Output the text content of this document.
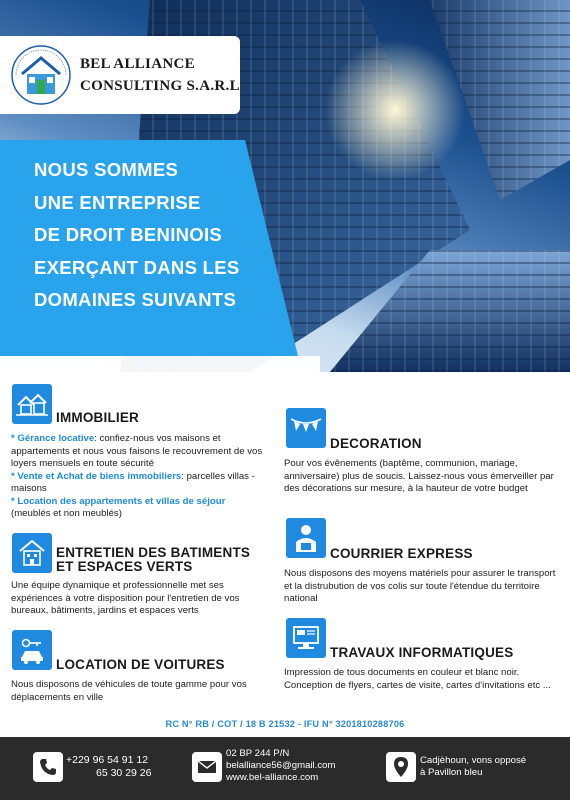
BEL ALLIANCE
CONSULTING S.A.R.L
NOUS SOMMES
UNE ENTREPRISE
DE DROIT BENINOIS
EXERÇANT DANS LES
DOMAINES SUIVANTS
IMMOBILIER
* Gérance locative: confiez-nous vos maisons et appartements et nous vous faisons le recouvrement de vos loyers mensuels en toute sécurité
* Vente et Achat de biens immobiliers: parcelles villas - maisons
* Location des appartements et villas de séjour
(meublés et non meublés)
ENTRETIEN DES BATIMENTS
ET ESPACES VERTS
Une équipe dynamique et professionnelle met ses expériences à votre disposition pour l'entretien de vos bureaux, bâtiments, jardins et espaces verts
LOCATION DE VOITURES
Nous disposons de véhicules de toute gamme pour vos déplacements en ville
DECORATION
Pour vos évênements (baptême, communion, mariage, anniversaire) plus de soucis. Laissez-nous vous émerveiller par des décorations sur mesure, à la hauteur de votre budget
COURRIER EXPRESS
Nous disposons des moyens matériels pour assurer le transport et la distrubution de vos colis sur toute l'étendue du territoire national
TRAVAUX INFORMATIQUES
Impression de tous documents en couleur et blanc noir. Conception de flyers, cartes de visite, cartes d'invitations etc ...
RC N° RB / COT / 18 B 21532 - IFU N° 3201810288706
+229 96 54 91 12
65 30 29 26
02 BP 244 P/N
belalliance56@gmail.com
www.bel-alliance.com
Cadjèhoun, vons opposé
à Pavillon bleu
